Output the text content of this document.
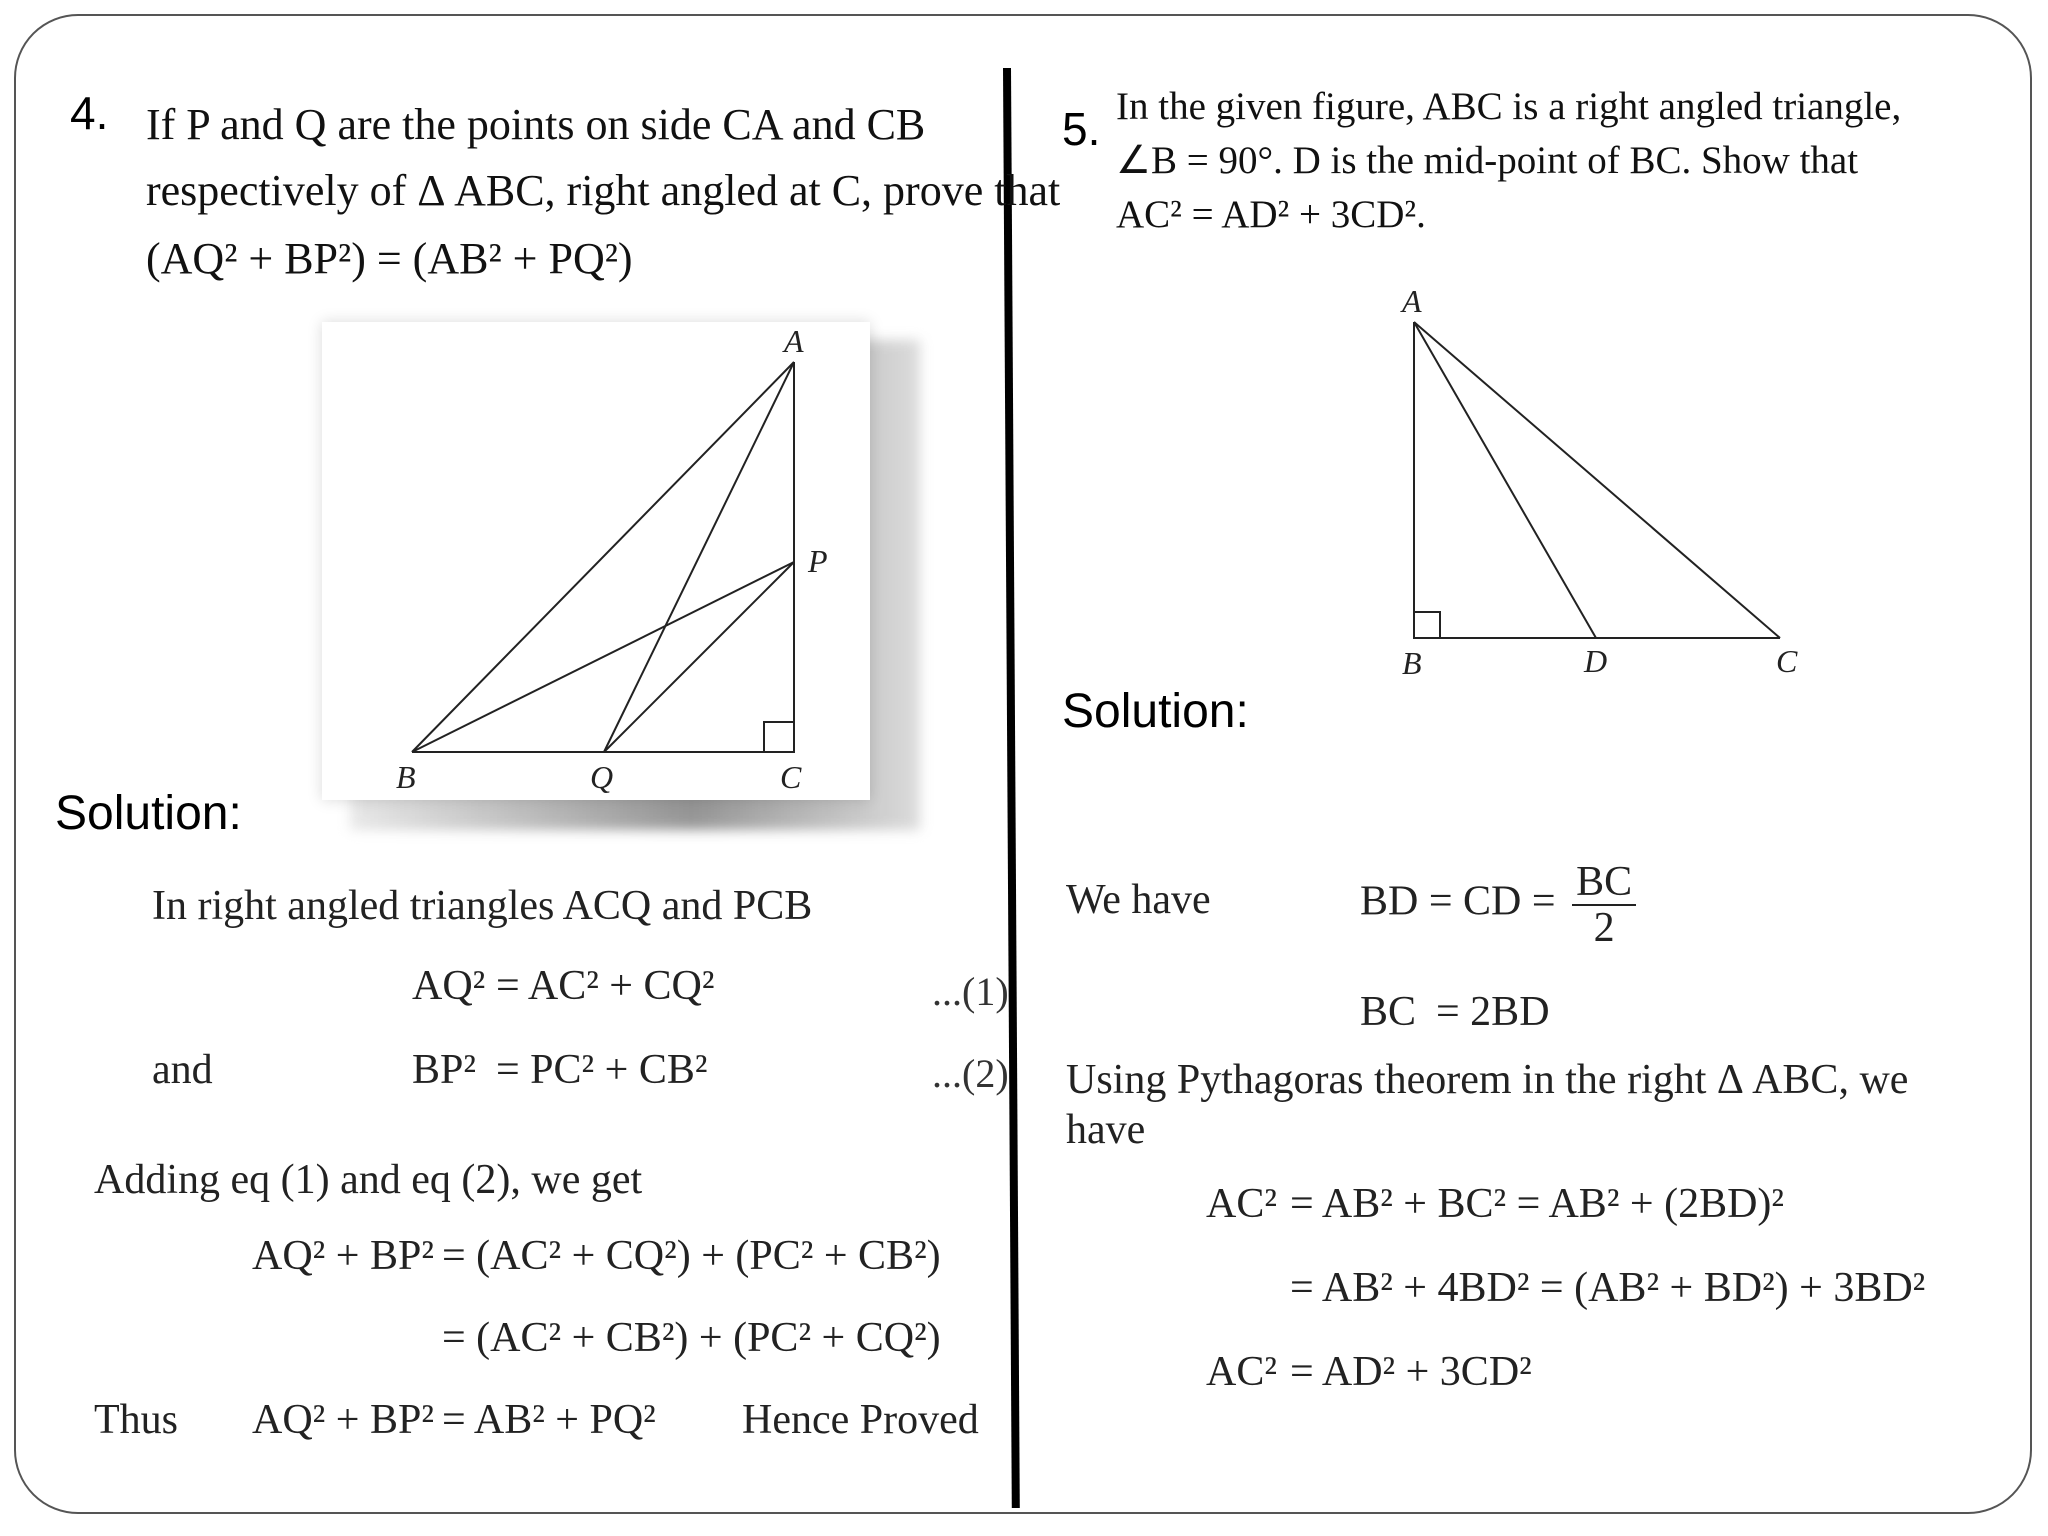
4. If P and Q are the points on side CA and CB
respectively of Δ ABC, right angled at C, prove that
(AQ² + BP²) = (AB² + PQ²)
A
P
B	Q	C
Solution:
In right angled triangles ACQ and PCB
AQ² = AC² + CQ²	...(1)
and	BP² = PC² + CB²	...(2)
Adding eq (1) and eq (2), we get
AQ² + BP² = (AC² + CQ²) + (PC² + CB²)
= (AC² + CB²) + (PC² + CQ²)
Thus AQ² + BP² = AB² + PQ² Hence Proved
5. In the given figure, ABC is a right angled triangle,
∠B = 90°. D is the mid-point of BC. Show that
AC² = AD² + 3CD².
A
B	D	C
Solution:
We have	BD = CD = $\frac{BC}{2}$
BC = 2BD
Using Pythagoras theorem in the right Δ ABC, we
have
AC² = AB² + BC² = AB² + (2BD)²
= AB² + 4BD² = (AB² + BD²) + 3BD²
AC² = AD² + 3CD²
